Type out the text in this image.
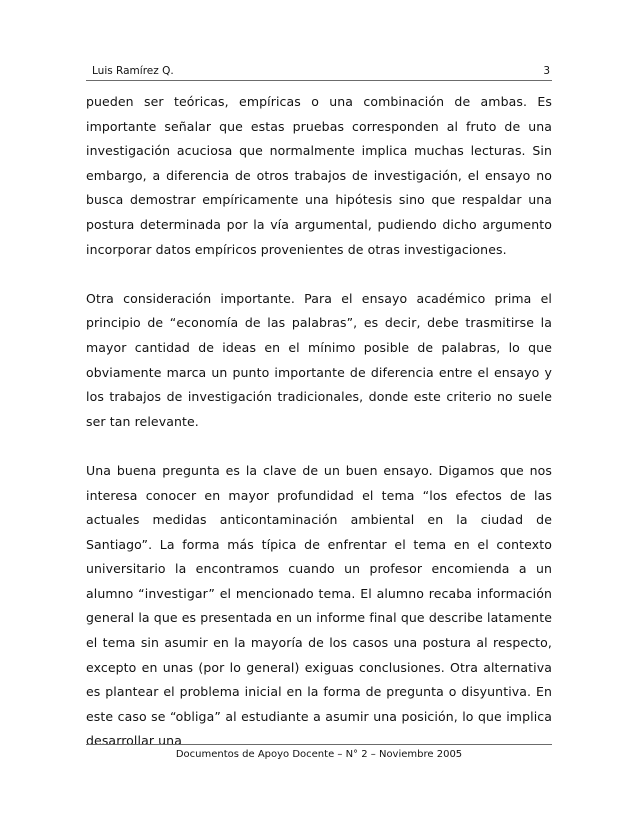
Luis Ramírez Q.	3

pueden ser teóricas, empíricas o una combinación de ambas. Es importante señalar que estas pruebas corresponden al fruto de una investigación acuciosa que normalmente implica muchas lecturas. Sin embargo, a diferencia de otros trabajos de investigación, el ensayo no busca demostrar empíricamente una hipótesis sino que respaldar una postura determinada por la vía argumental, pudiendo dicho argumento incorporar datos empíricos provenientes de otras investigaciones.

Otra consideración importante. Para el ensayo académico prima el principio de “economía de las palabras”, es decir, debe trasmitirse la mayor cantidad de ideas en el mínimo posible de palabras, lo que obviamente marca un punto importante de diferencia entre el ensayo y los trabajos de investigación tradicionales, donde este criterio no suele ser tan relevante.

Una buena pregunta es la clave de un buen ensayo. Digamos que nos interesa conocer en mayor profundidad el tema “los efectos de las actuales medidas anticontaminación ambiental en la ciudad de Santiago”. La forma más típica de enfrentar el tema en el contexto universitario la encontramos cuando un profesor encomienda a un alumno “investigar” el mencionado tema. El alumno recaba información general la que es presentada en un informe final que describe latamente el tema sin asumir en la mayoría de los casos una postura al respecto, excepto en unas (por lo general) exiguas conclusiones. Otra alternativa es plantear el problema inicial en la forma de pregunta o disyuntiva. En este caso se “obliga” al estudiante a asumir una posición, lo que implica desarrollar una

Documentos de Apoyo Docente – N° 2 – Noviembre 2005
